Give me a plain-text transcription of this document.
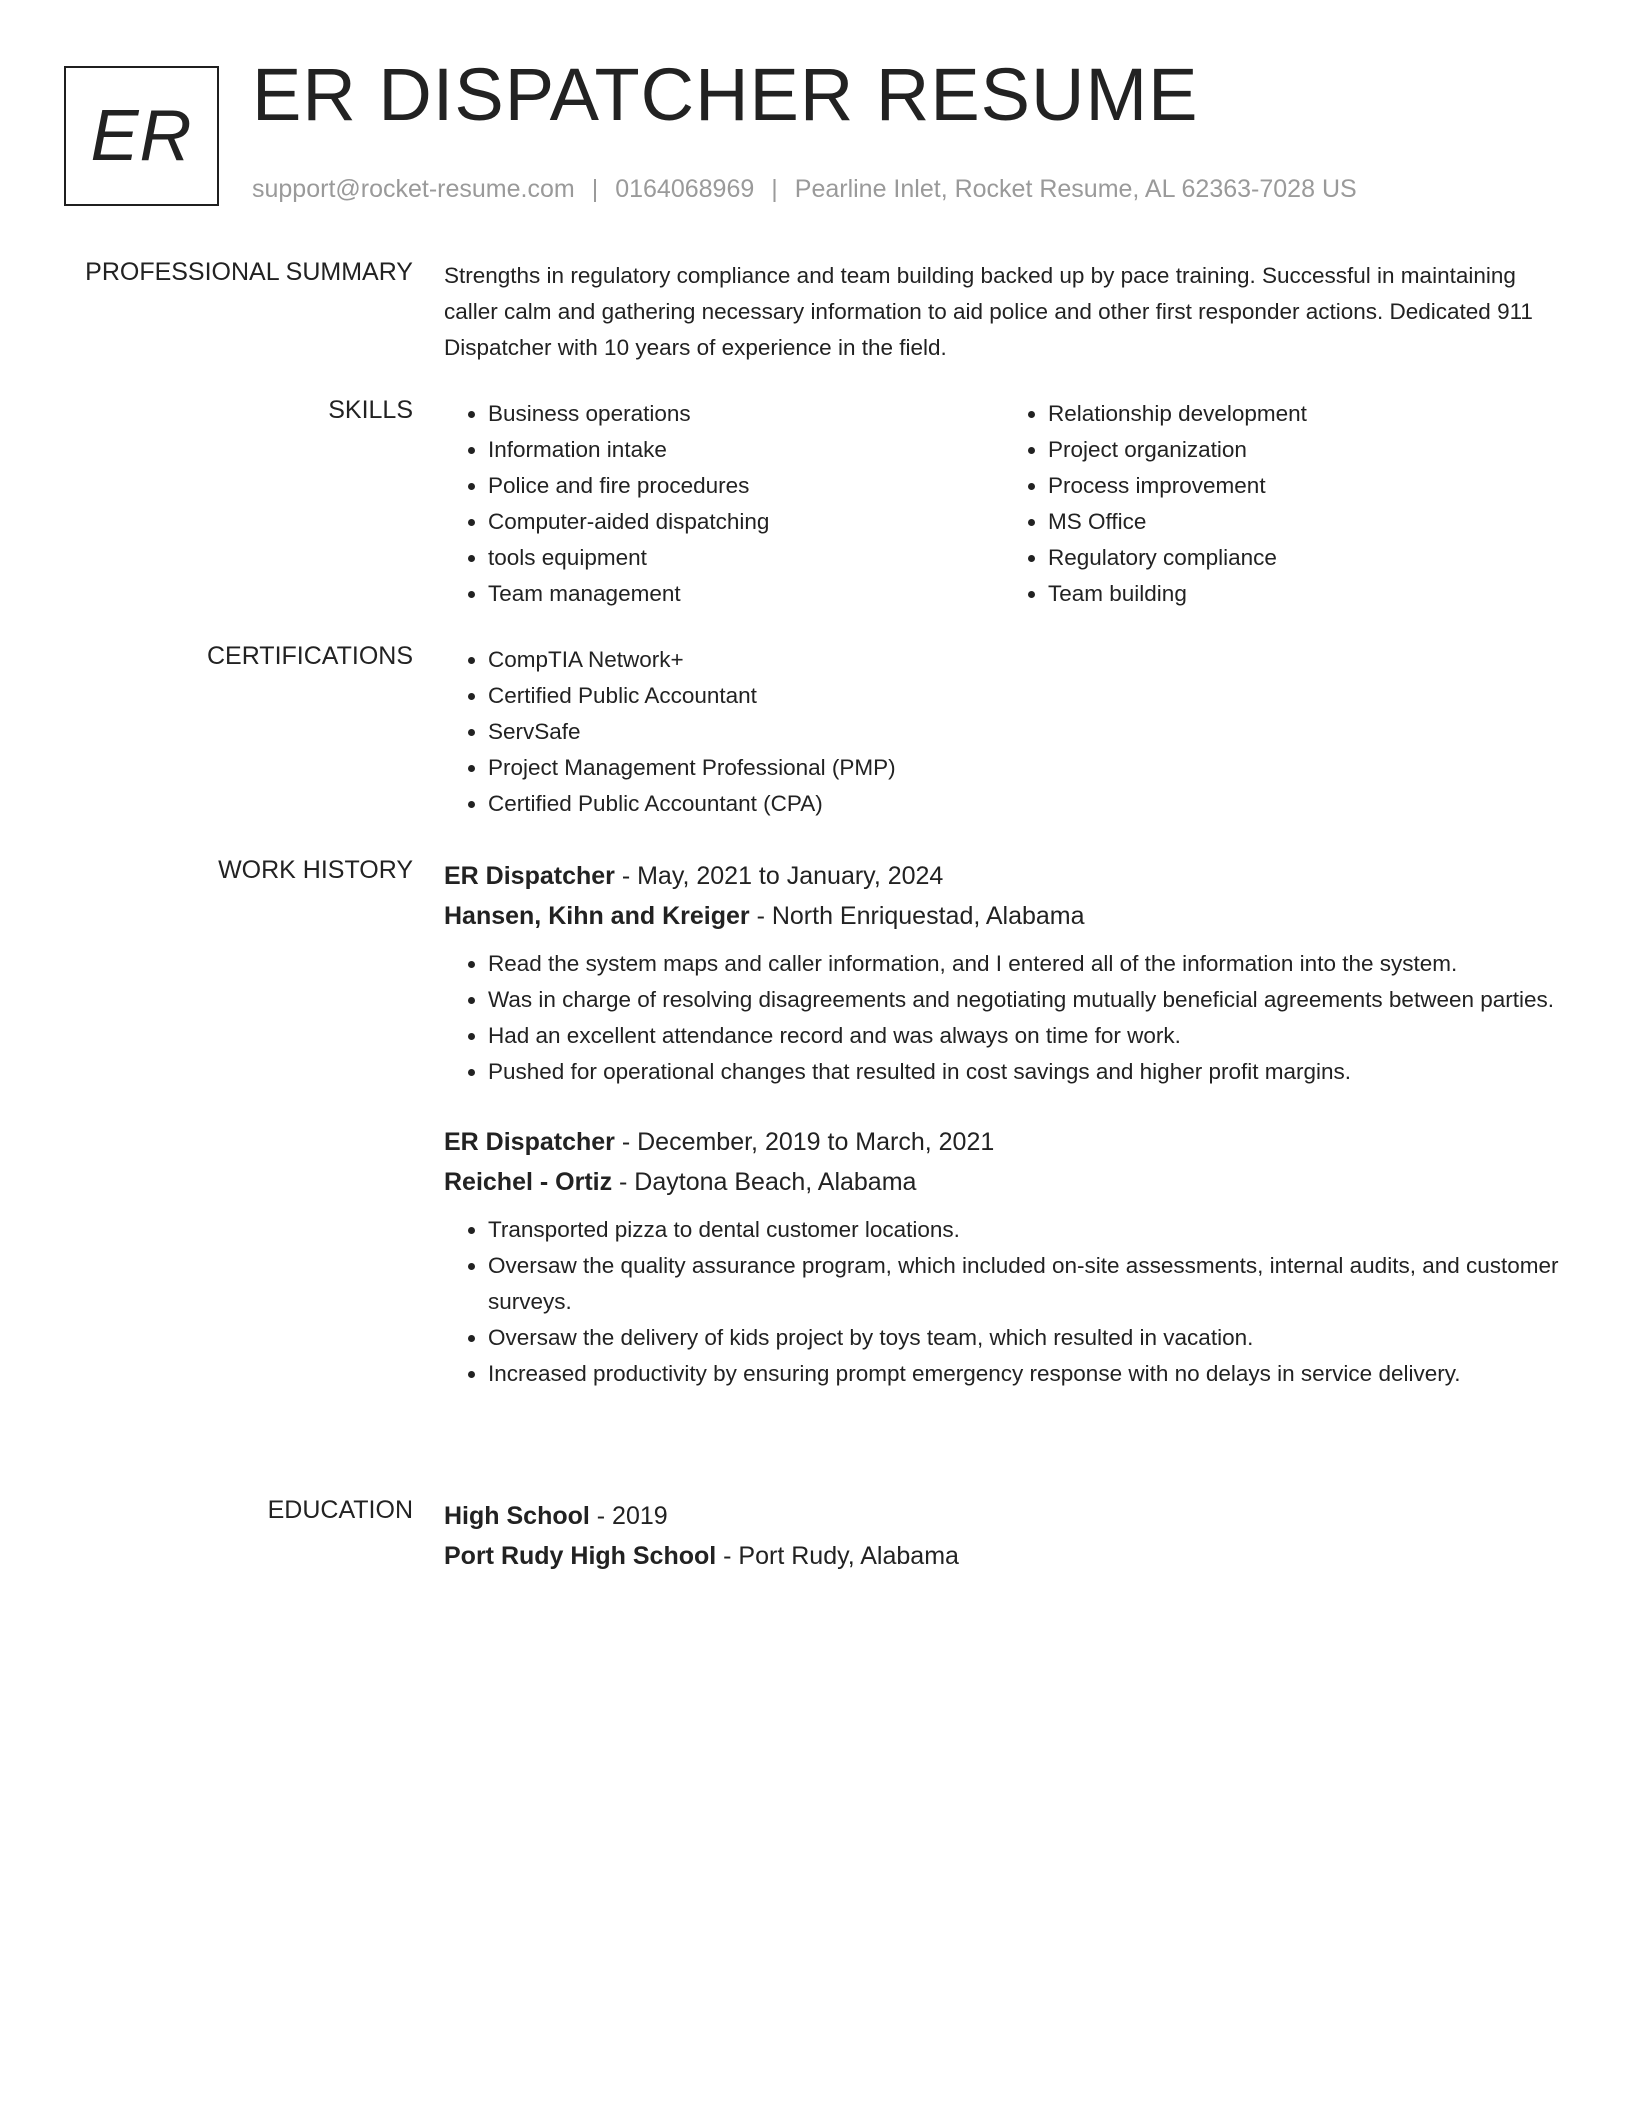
ER ER DISPATCHER RESUME
support@rocket-resume.com | 0164068969 | Pearline Inlet, Rocket Resume, AL 62363-7028 US
PROFESSIONAL SUMMARY Strengths in regulatory compliance and team building backed up by pace training. Successful in maintaining caller calm and gathering necessary information to aid police and other first responder actions. Dedicated 911 Dispatcher with 10 years of experience in the field.

SKILLS	• Business operations
• Information intake
• Police and fire procedures
• Computer-aided dispatching
• tools equipment
• Team management
• Relationship development
• Project organization
• Process improvement
• MS Office
• Regulatory compliance
• Team building
CERTIFICATIONS	• CompTIA Network+
• Certified Public Accountant
• ServSafe
• Project Management Professional (PMP)
• Certified Public Accountant (CPA)
WORK HISTORY ER Dispatcher - May, 2021 to January, 2024

Hansen, Kihn and Kreiger - North Enriquestad, Alabama

• Read the system maps and caller information, and I entered all of the information into the system.
• Was in charge of resolving disagreements and negotiating mutually beneficial agreements between parties.
• Had an excellent attendance record and was always on time for work.
• Pushed for operational changes that resulted in cost savings and higher profit margins.

ER Dispatcher - December, 2019 to March, 2021

Reichel - Ortiz - Daytona Beach, Alabama

• Transported pizza to dental customer locations.
• Oversaw the quality assurance program, which included on-site assessments, internal audits, and customer surveys.
• Oversaw the delivery of kids project by toys team, which resulted in vacation.
• Increased productivity by ensuring prompt emergency response with no delays in service delivery.
EDUCATION High School - 2019

Port Rudy High School - Port Rudy, Alabama
